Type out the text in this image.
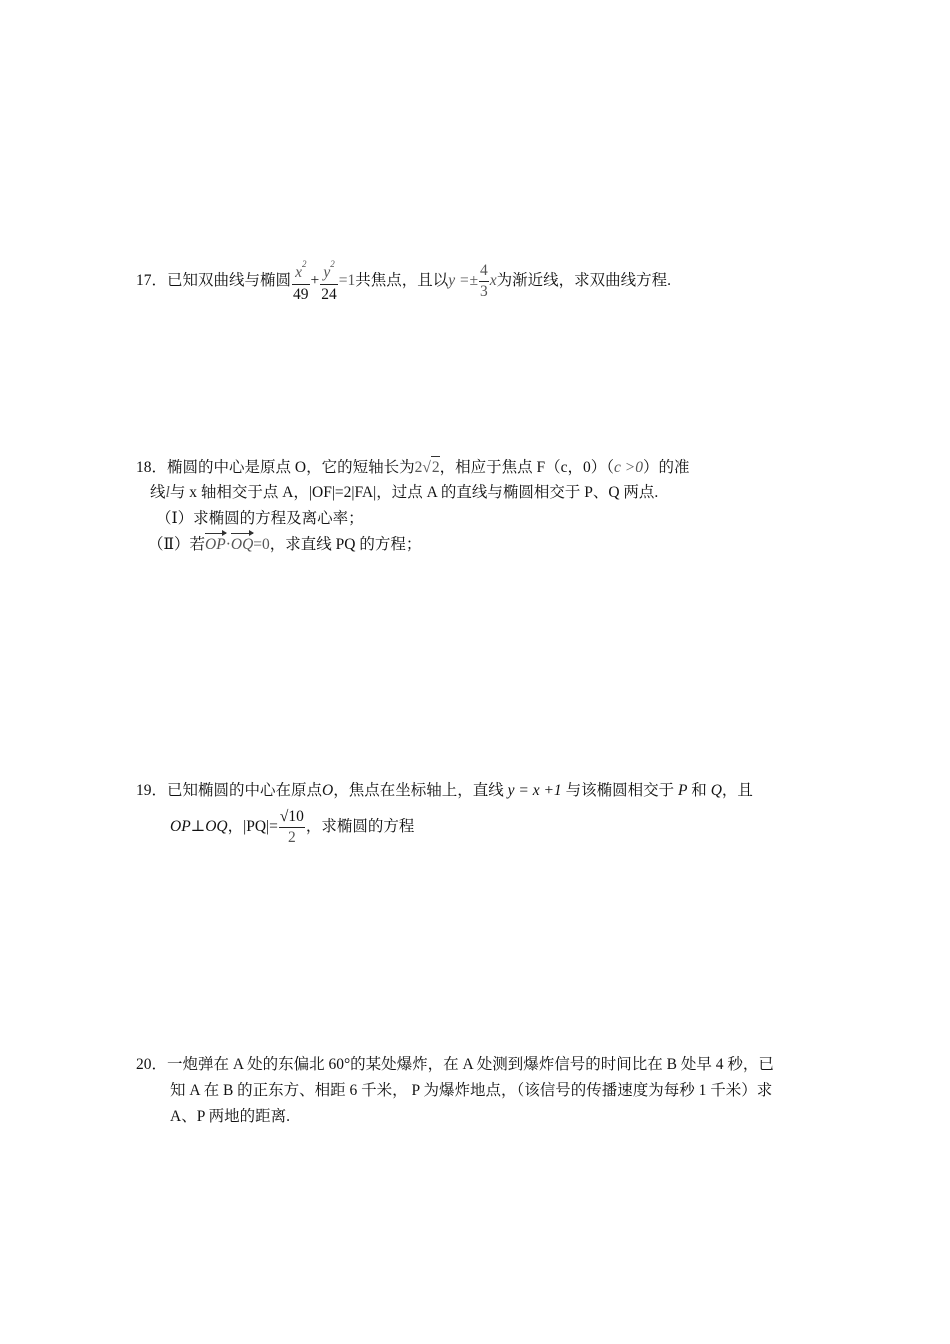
17．已知双曲线与椭圆 $\frac{x^2}{49} + \frac{y^2}{24} =1$共焦点，且以$y =\pm \frac{4}{3}$ x为渐近线，求双曲线方程.
18．椭圆的中心是原点 O，它的短轴长为2√2，相应于焦点 F（c，0）（c >0）的准
线l与 x 轴相交于点 A，|OF|=2|FA|，过点 A 的直线与椭圆相交于 P、Q 两点.
（Ⅰ）求椭圆的方程及离心率；
（Ⅱ）若OP·OQ=0，求直线 PQ 的方程；
19．已知椭圆的中心在原点O，焦点在坐标轴上，直线 y = x +1 与该椭圆相交于 P 和 Q，且
OP⊥OQ，$|PQ|= \frac{√10}{2}$ ，求椭圆的方程
20．一炮弹在 A 处的东偏北 60°的某处爆炸，在 A 处测到爆炸信号的时间比在 B 处早 4 秒，已
知 A 在 B 的正东方、相距 6 千米， P 为爆炸地点，（该信号的传播速度为每秒 1 千米）求
A、P 两地的距离.
